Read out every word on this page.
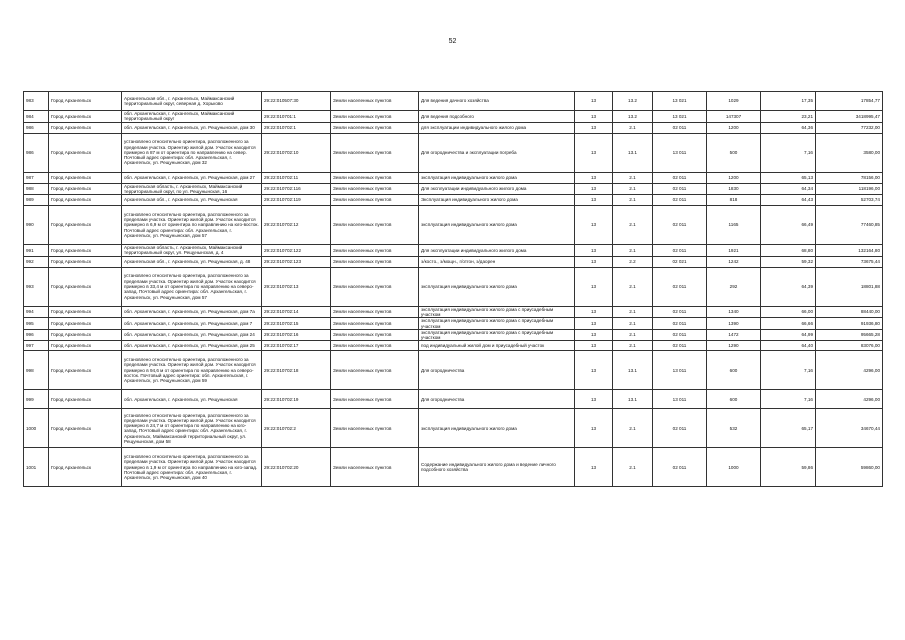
52
983	Город Архангельск	Архангельская обл., г. Архангельск, Маймаксанский территориальный округ, северная д. Хорьково	29:22:010507:30	Земли населенных пунктов	Для ведения дачного хозяйства	13	13.2	13 021	1029	17,35	17854,77
984	Город Архангельск	обл. Архангельская, г. Архангельск, Маймаксанский территориальный округ	29:22:010701:1	Земли населенных пунктов	Для ведения подсобного	13	13.2	13 021	147307	23,21	3418995,47
986	Город Архангельск	обл. Архангельская, г. Архангельск, ул. Рещунынская, дом 30	29:22:010702:1	Земли населенных пунктов	для эксплуатации индивидуального жилого дома	13	2.1	02 011	1200	64,36	77232,00
986	Город Архангельск	установлено относительно ориентира, расположенного за пределами участка. Ориентир жилой дом. Участок находится примерно в 87 м от ориентира по направлению на север. Почтовый адрес ориентира: обл. Архангельская, г. Архангельск, ул. Рещунынская, дом 32	29:22:010702:10	Земли населенных пунктов	Для огородничества и эксплуатации погреба	13	13.1	13 011	500	7,16	3580,00
987	Город Архангельск	обл. Архангельская, г. Архангельск, ул. Рещунынская, дом 27	29:22:010702:11	Земли населенных пунктов	эксплуатация индивидуального жилого дома	13	2.1	02 011	1200	65,13	78156,00
988	Город Архангельск	Архангельская область, г. Архангельск, Маймаксанский территориальный округ, по ул. Рещунынская, 16	29:22:010702:116	Земли населенных пунктов	Для эксплуатации индивидуального жилого дома	13	2.1	02 011	1830	64,34	118196,00
989	Город Архангельск	Архангельская обл., г. Архангельск, ул. Рещунынская	29:22:010702:119	Земли населенных пунктов	Эксплуатация индивидуального жилого дома	13	2.1	02 011	818	64,43	52703,74
990	Город Архангельск	установлено относительно ориентира, расположенного за пределами участка. Ориентир жилой дом. Участок находится примерно в 6,9 м от ориентира по направлению на юго-восток. Почтовый адрес ориентира: обл. Архангельская, г. Архангельск, ул. Рещунынская, дом 57	29:22:010702:12	Земли населенных пунктов	эксплуатация индивидуального жилого дома	13	2.1	02 011	1165	66,49	77460,85
991	Город Архангельск	Архангельская область, г. Архангельск, Маймаксанский территориальный округ, ул. Рещунынская, д. 4	29:22:010702:122	Земли населенных пунктов	Для эксплуатации индивидуального жилого дома	13	2.1	02 011	1921	68,80	132164,80
992	Город Архангельск	Архангельская обл., г. Архангельск, ул. Рещунынская, д. 48	29:22:010702:123	Земли населенных пунктов	э/косто., э/мощн., г/отгон, э/даорен	13	2.2	02 021	1242	59,32	73675,44
993	Город Архангельск	установлено относительно ориентира, расположенного за пределами участка. Ориентир жилой дом. Участок находится примерно в 33,4 м от ориентира по направлению на северо-запад. Почтовый адрес ориентира: обл. Архангельская, г. Архангельск, ул. Рещунынская, дом 57	29:22:010702:13	Земли населенных пунктов	эксплуатация индивидуального жилого дома	13	2.1	02 011	292	64,39	18801,88
994	Город Архангельск	обл. Архангельская, г. Архангельск, ул. Рещунынская, дом 7а	29:22:010702:14	Земли населенных пунктов	эксплуатация индивидуального жилого дома с приусадебным участком	13	2.1	02 011	1340	66,00	88440,00
995	Город Архангельск	обл. Архангельская, г. Архангельск, ул. Рещунынская, дом 7	29:22:010702:15	Земли населенных пунктов	эксплуатация индивидуального жилого дома с приусадебным участком	13	2.1	02 011	1390	66,66	91936,80
996	Город Архангельск	обл. Архангельская, г. Архангельск, ул. Рещунынская, дом 24	29:22:010702:16	Земли населенных пунктов	эксплуатация индивидуального жилого дома с приусадебным участком	13	2.1	02 011	1472	64,99	95665,28
997	Город Архангельск	обл. Архангельская, г. Архангельск, ул. Рещунынская, дом 25	29:22:010702:17	Земли населенных пунктов	под индивидуальный жилой дом и приусадебный участок	13	2.1	02 011	1290	64,40	83076,00
998	Город Архангельск	установлено относительно ориентира, расположенного за пределами участка. Ориентир жилой дом. Участок находится примерно в 94,6 м от ориентира по направлению на северо-восток. Почтовый адрес ориентира: обл. Архангельская, г. Архангельск, ул. Рещунынская, дом 59	29:22:010702:18	Земли населенных пунктов	Для огородничества	13	13.1	13 011	600	7,16	4296,00
999	Город Архангельск	обл. Архангельская, г. Архангельск, ул. Рещунынская	29:22:010702:19	Земли населенных пунктов	Для огородничества	13	13.1	13 011	600	7,16	4296,00
1000	Город Архангельск	установлено относительно ориентира, расположенного за пределами участка. Ориентир жилой дом. Участок находится примерно в 24,7 м от ориентира по направлению на юго-запад. Почтовый адрес ориентира: обл. Архангельская, г. Архангельск, Маймаксанский территориальный округ, ул. Рещунынская, дом 58	29:22:010702:2	Земли населенных пунктов	эксплуатация индивидуального жилого дома	13	2.1	02 011	532	65,17	34670,44
1001	Город Архангельск	установлено относительно ориентира, расположенного за пределами участка. Ориентир жилой дом. Участок находится примерно в 1,9 м от ориентира по направлению на юго-запад. Почтовый адрес ориентира: обл. Архангельская, г. Архангельск, ул. Рещунынская, дом 40	29:22:010702:20	Земли населенных пунктов	Содержание индивидуального жилого дома и ведение личного подсобного хозяйства	13	2.1	02 011	1000	59,86	59860,00
